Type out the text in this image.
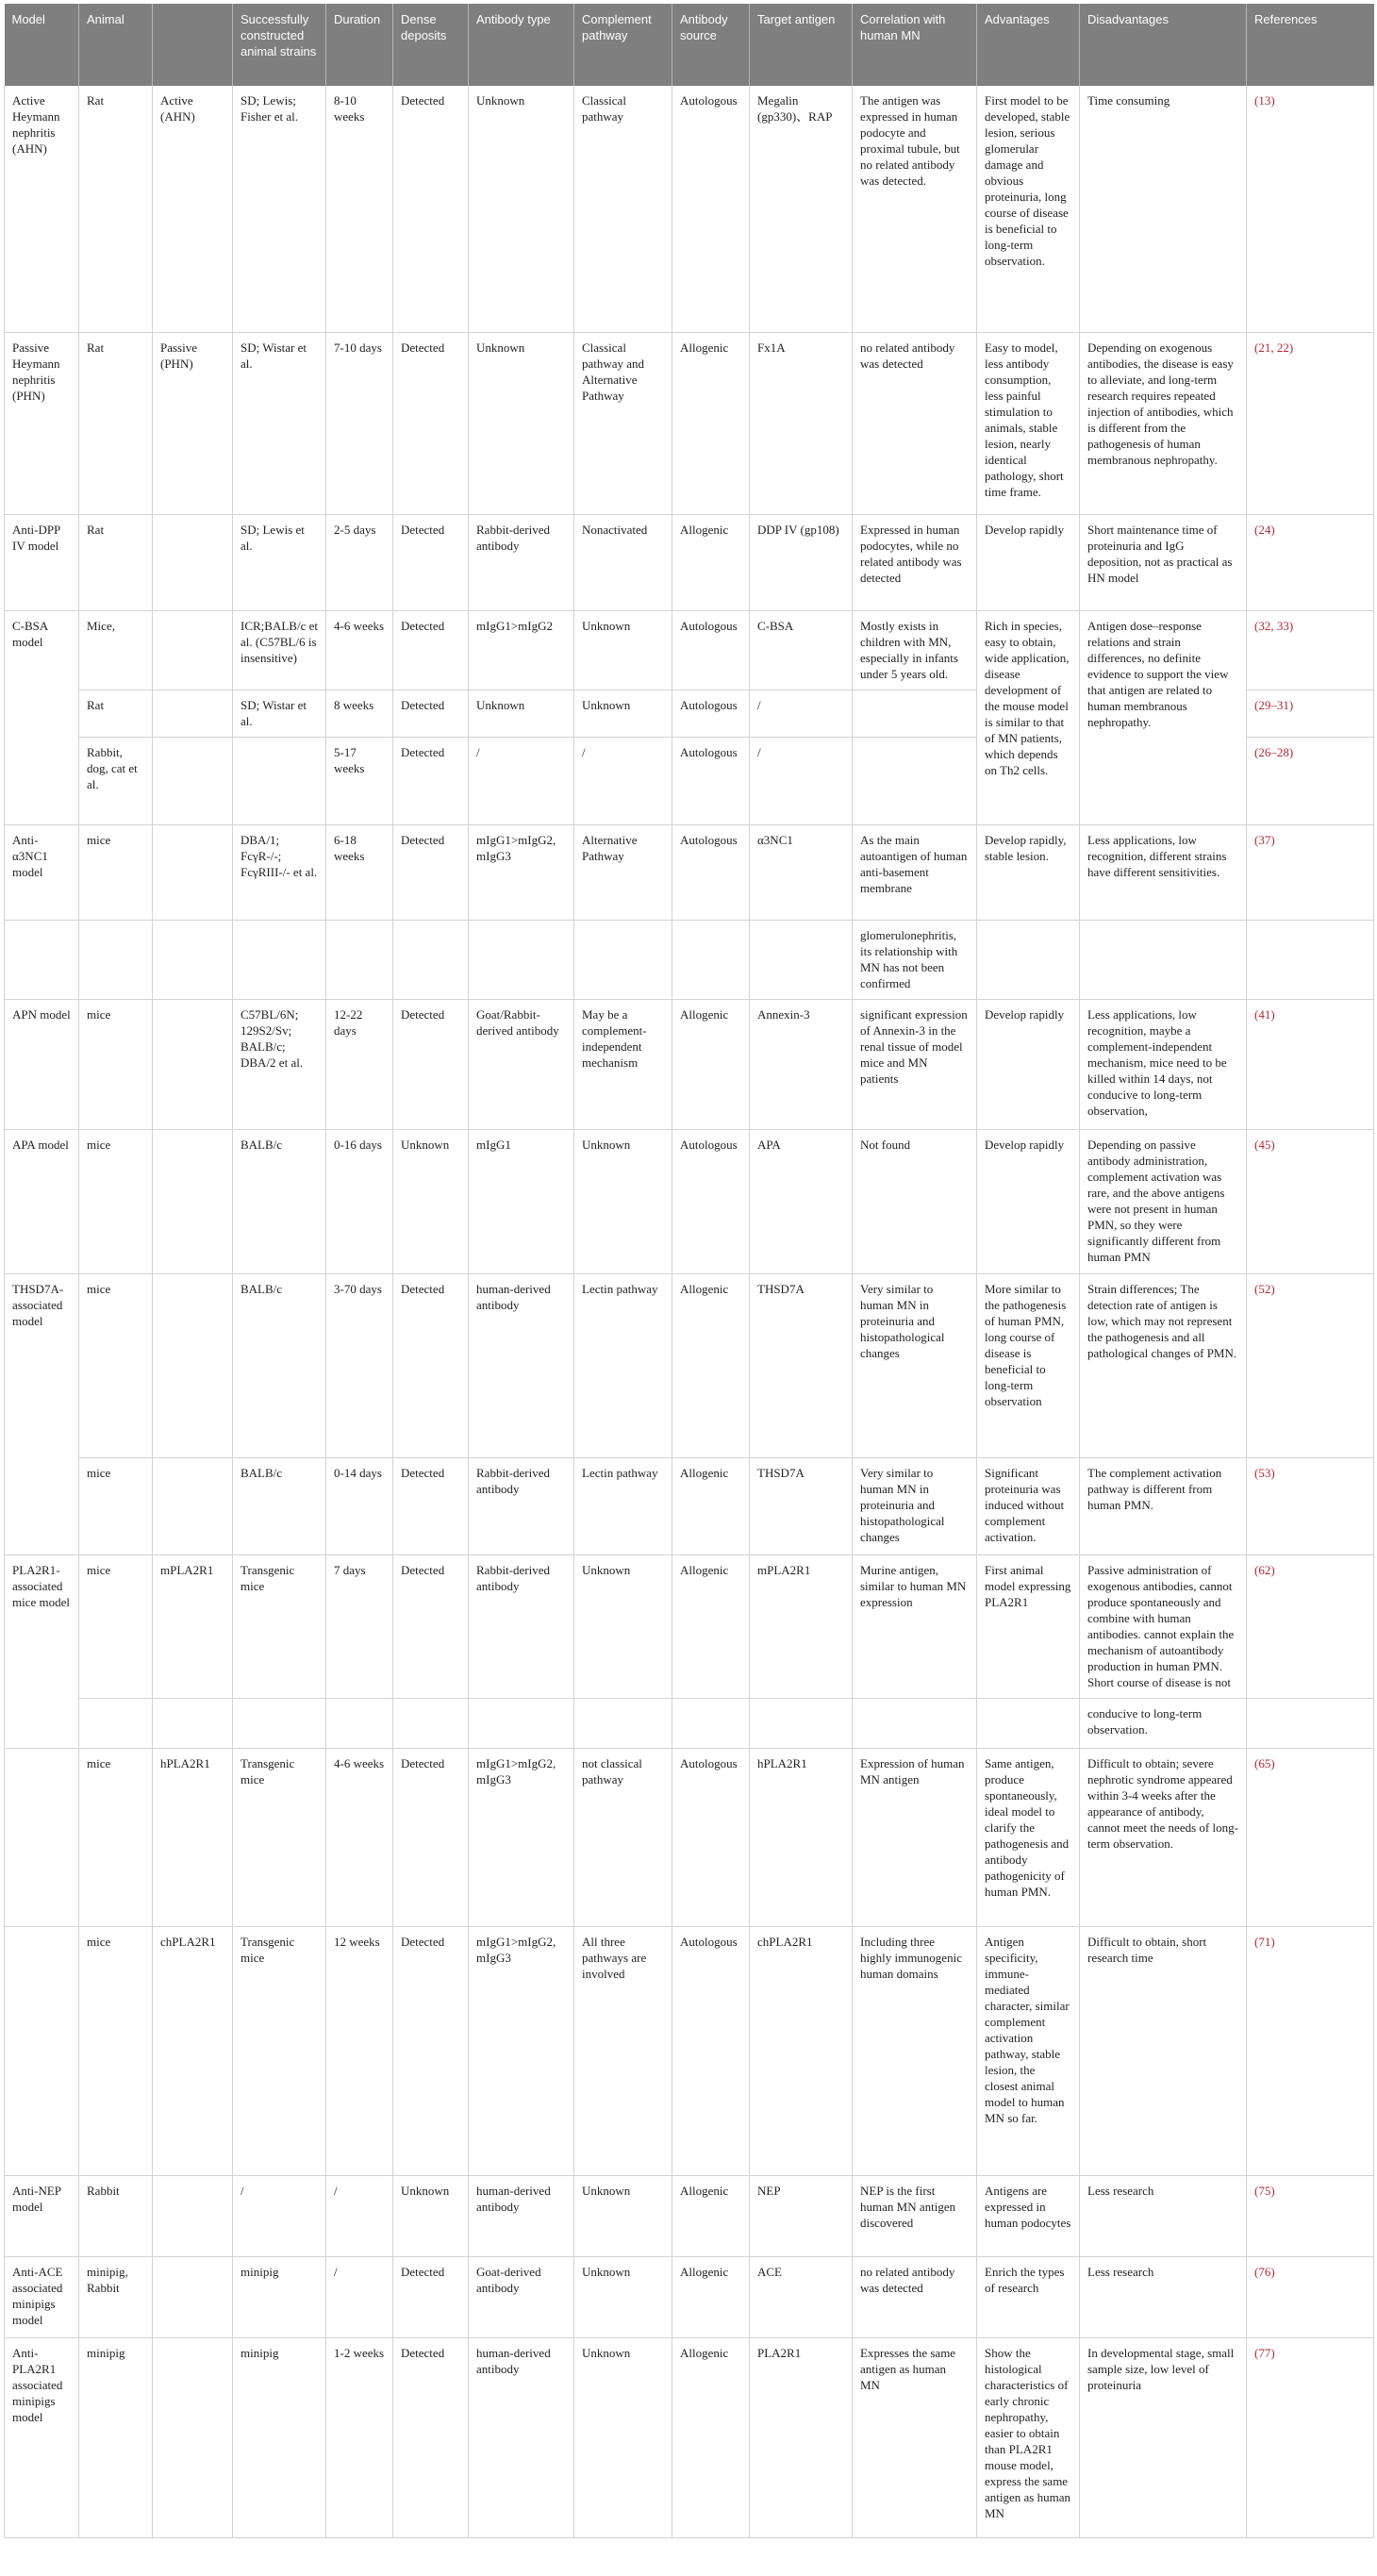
Model	Animal		Successfully constructed animal strains	Duration	Dense deposits	Antibody type	Complement pathway	Antibody source	Target antigen	Correlation with human MN	Advantages	Disadvantages	References
Active Heymann nephritis (AHN)	Rat	Active (AHN)	SD; Lewis; Fisher et al.	8-10 weeks	Detected	Unknown	Classical pathway	Autologous	Megalin (gp330)、RAP	The antigen was expressed in human podocyte and proximal tubule, but no related antibody was detected.	First model to be developed, stable lesion, serious glomerular damage and obvious proteinuria, long course of disease is beneficial to long-term observation.	Time consuming	(13)
Passive Heymann nephritis (PHN)	Rat	Passive (PHN)	SD; Wistar et al.	7-10 days	Detected	Unknown	Classical pathway and Alternative Pathway	Allogenic	Fx1A	no related antibody was detected	Easy to model, less antibody consumption, less painful stimulation to animals, stable lesion, nearly identical pathology, short time frame.	Depending on exogenous antibodies, the disease is easy to alleviate, and long-term research requires repeated injection of antibodies, which is different from the pathogenesis of human membranous nephropathy.	(21, 22)
Anti-DPP IV model	Rat		SD; Lewis et al.	2-5 days	Detected	Rabbit-derived antibody	Nonactivated	Allogenic	DDP IV (gp108)	Expressed in human podocytes, while no related antibody was detected	Develop rapidly	Short maintenance time of proteinuria and IgG deposition, not as practical as HN model	(24)
C-BSA model	Mice,		ICR;BALB/c et al. (C57BL/6 is insensitive)	4-6 weeks	Detected	mIgG1>mIgG2	Unknown	Autologous	C-BSA	Mostly exists in children with MN, especially in infants under 5 years old.	Rich in species, easy to obtain, wide application, disease development of the mouse model is similar to that of MN patients, which depends on Th2 cells.	Antigen dose–response relations and strain differences, no definite evidence to support the view that antigen are related to human membranous nephropathy.	(32, 33)
	Rat		SD; Wistar et al.	8 weeks	Detected	Unknown	Unknown	Autologous	/				(29–31)
	Rabbit, dog, cat et al.			5-17 weeks	Detected	/	/	Autologous	/				(26–28)
Anti-α3NC1 model	mice		DBA/1; FcγR-/-; FcγRIII-/- et al.	6-18 weeks	Detected	mIgG1>mIgG2, mIgG3	Alternative Pathway	Autologous	α3NC1	As the main autoantigen of human anti-basement membrane	Develop rapidly, stable lesion.	Less applications, low recognition, different strains have different sensitivities.	(37)
										glomerulonephritis, its relationship with MN has not been confirmed			
APN model	mice		C57BL/6N; 129S2/Sv; BALB/c; DBA/2 et al.	12-22 days	Detected	Goat/Rabbit-derived antibody	May be a complement-independent mechanism	Allogenic	Annexin-3	significant expression of Annexin-3 in the renal tissue of model mice and MN patients	Develop rapidly	Less applications, low recognition, maybe a complement-independent mechanism, mice need to be killed within 14 days, not conducive to long-term observation,	(41)
APA model	mice		BALB/c	0-16 days	Unknown	mIgG1	Unknown	Autologous	APA	Not found	Develop rapidly	Depending on passive antibody administration, complement activation was rare, and the above antigens were not present in human PMN, so they were significantly different from human PMN	(45)
THSD7A-associated model	mice		BALB/c	3-70 days	Detected	human-derived antibody	Lectin pathway	Allogenic	THSD7A	Very similar to human MN in proteinuria and histopathological changes	More similar to the pathogenesis of human PMN, long course of disease is beneficial to long-term observation	Strain differences; The detection rate of antigen is low, which may not represent the pathogenesis and all pathological changes of PMN.	(52)
	mice		BALB/c	0-14 days	Detected	Rabbit-derived antibody	Lectin pathway	Allogenic	THSD7A	Very similar to human MN in proteinuria and histopathological changes	Significant proteinuria was induced without complement activation.	The complement activation pathway is different from human PMN.	(53)
PLA2R1-associated mice model	mice	mPLA2R1	Transgenic mice	7 days	Detected	Rabbit-derived antibody	Unknown	Allogenic	mPLA2R1	Murine antigen, similar to human MN expression	First animal model expressing PLA2R1	Passive administration of exogenous antibodies, cannot produce spontaneously and combine with human antibodies. cannot explain the mechanism of autoantibody production in human PMN. Short course of disease is not	(62)
												conducive to long-term observation.	
	mice	hPLA2R1	Transgenic mice	4-6 weeks	Detected	mIgG1>mIgG2, mIgG3	not classical pathway	Autologous	hPLA2R1	Expression of human MN antigen	Same antigen, produce spontaneously, ideal model to clarify the pathogenesis and antibody pathogenicity of human PMN.	Difficult to obtain; severe nephrotic syndrome appeared within 3-4 weeks after the appearance of antibody, cannot meet the needs of long-term observation.	(65)
	mice	chPLA2R1	Transgenic mice	12 weeks	Detected	mIgG1>mIgG2, mIgG3	All three pathways are involved	Autologous	chPLA2R1	Including three highly immunogenic human domains	Antigen specificity, immune-mediated character, similar complement activation pathway, stable lesion, the closest animal model to human MN so far.	Difficult to obtain, short research time	(71)
Anti-NEP model	Rabbit		/	/	Unknown	human-derived antibody	Unknown	Allogenic	NEP	NEP is the first human MN antigen discovered	Antigens are expressed in human podocytes	Less research	(75)
Anti-ACE associated minipigs model	minipig, Rabbit		minipig	/	Detected	Goat-derived antibody	Unknown	Allogenic	ACE	no related antibody was detected	Enrich the types of research	Less research	(76)
Anti-PLA2R1 associated minipigs model	minipig		minipig	1-2 weeks	Detected	human-derived antibody	Unknown	Allogenic	PLA2R1	Expresses the same antigen as human MN	Show the histological characteristics of early chronic nephropathy, easier to obtain than PLA2R1 mouse model, express the same antigen as human MN	In developmental stage, small sample size, low level of proteinuria	(77)
